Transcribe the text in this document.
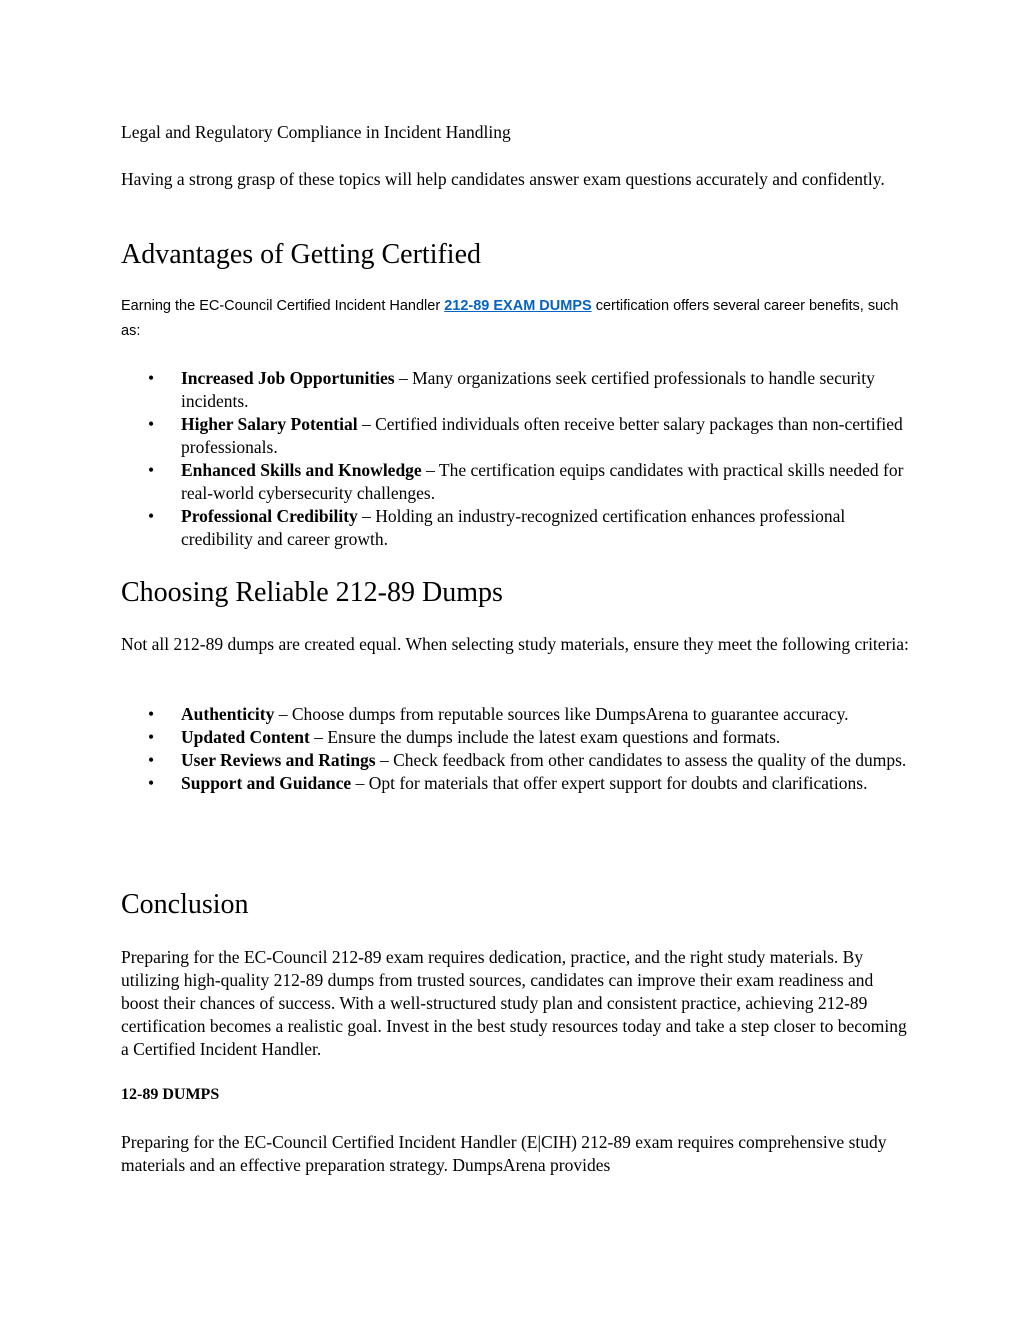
Legal and Regulatory Compliance in Incident Handling

Having a strong grasp of these topics will help candidates answer exam questions accurately and confidently.

Advantages of Getting Certified

Earning the EC-Council Certified Incident Handler 212-89 EXAM DUMPS certification offers several career benefits, such as:

• Increased Job Opportunities – Many organizations seek certified professionals to handle security incidents.
• Higher Salary Potential – Certified individuals often receive better salary packages than non-certified professionals.
• Enhanced Skills and Knowledge – The certification equips candidates with practical skills needed for real-world cybersecurity challenges.
• Professional Credibility – Holding an industry-recognized certification enhances professional credibility and career growth.
Choosing Reliable 212-89 Dumps

Not all 212-89 dumps are created equal. When selecting study materials, ensure they meet the following criteria:

• Authenticity – Choose dumps from reputable sources like DumpsArena to guarantee accuracy.
• Updated Content – Ensure the dumps include the latest exam questions and formats.
• User Reviews and Ratings – Check feedback from other candidates to assess the quality of the dumps.
• Support and Guidance – Opt for materials that offer expert support for doubts and clarifications.
Conclusion

Preparing for the EC-Council 212-89 exam requires dedication, practice, and the right study materials. By utilizing high-quality 212-89 dumps from trusted sources, candidates can improve their exam readiness and boost their chances of success. With a well-structured study plan and consistent practice, achieving 212-89 certification becomes a realistic goal. Invest in the best study resources today and take a step closer to becoming a Certified Incident Handler.

12-89 DUMPS

Preparing for the EC-Council Certified Incident Handler (E|CIH) 212-89 exam requires comprehensive study materials and an effective preparation strategy. DumpsArena provides
